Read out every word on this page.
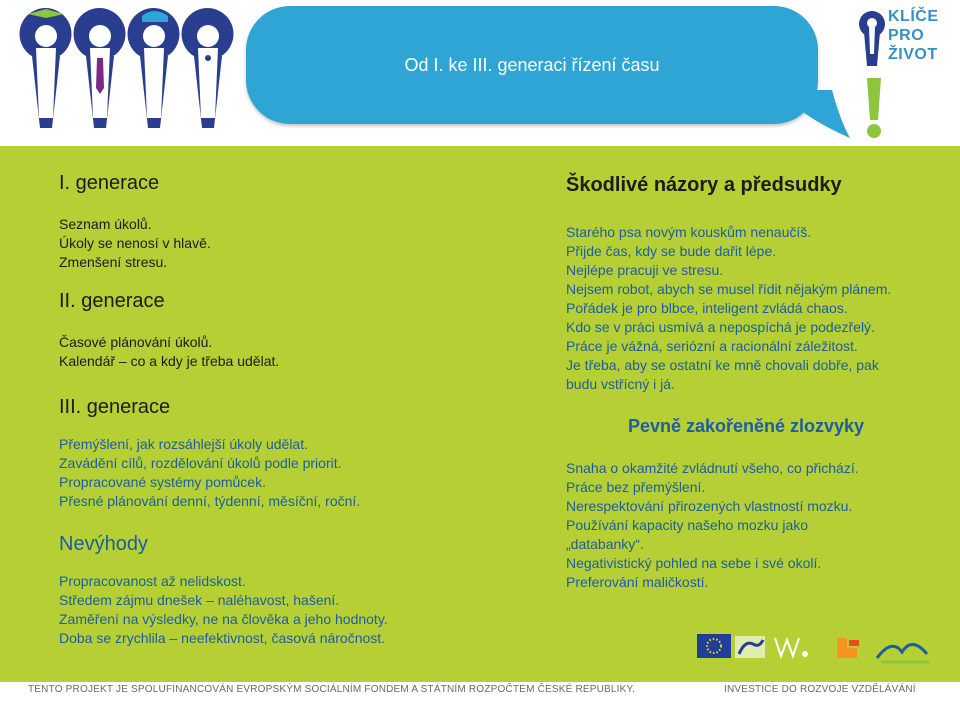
Od I. ke III. generaci řízení času
KLÍČE
PRO
ŽIVOT
I. generace
Seznam úkolů.
Úkoly se nenosí v hlavě.
Zmenšení stresu.
II. generace
Časové plánování úkolů.
Kalendář – co a kdy je třeba udělat.
III. generace
Přemýšlení, jak rozsáhlejší úkoly udělat.
Zavádění cílů, rozdělování úkolů podle priorit.
Propracované systémy pomůcek.
Přesné plánování denní, týdenní, měsíční, roční.
Nevýhody
Propracovanost až nelidskost.
Středem zájmu dnešek – naléhavost, hašení.
Zaměření na výsledky, ne na člověka a jeho hodnoty.
Doba se zrychlila – neefektivnost, časová náročnost.
Škodlivé názory a předsudky
Starého psa novým kouskům nenaučíš.
Přijde čas, kdy se bude dařit lépe.
Nejlépe pracuji ve stresu.
Nejsem robot, abych se musel řídit nějakým plánem.
Pořádek je pro blbce, inteligent zvládá chaos.
Kdo se v práci usmívá a nepospíchá je podezřelý.
Práce je vážná, seriózní a racionální záležitost.
Je třeba, aby se ostatní ke mně chovali dobře, pak budu vstřícný i já.
Pevně zakořeněné zlozvyky
Snaha o okamžité zvládnutí všeho, co přichází.
Práce bez přemýšlení.
Nerespektování přirozených vlastností mozku.
Používání kapacity našeho mozku jako „databanky“.
Negativistický pohled na sebe i své okolí.
Preferování maličkostí.
TENTO PROJEKT JE SPOLUFINANCOVÁN EVROPSKÝM SOCIÁLNÍM FONDEM A STÁTNÍM ROZPOČTEM ČESKÉ REPUBLIKY.	INVESTICE DO ROZVOJE VZDĚLÁVÁNÍ
